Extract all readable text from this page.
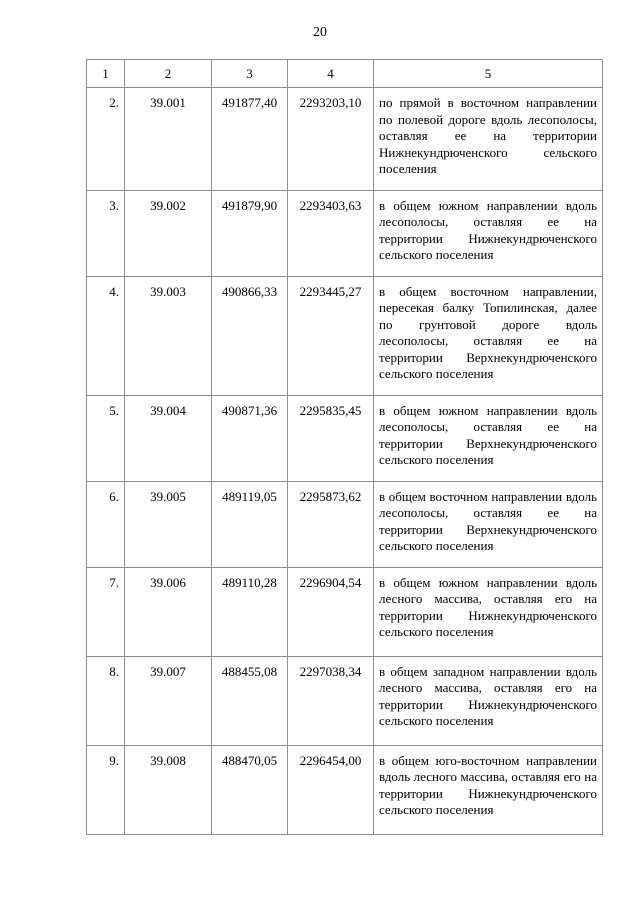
20
1	2	3	4	5
2.	39.001	491877,40	2293203,10	по прямой в восточном направлении по полевой дороге вдоль лесополосы, оставляя ее на территории Нижнекундрюченского сельского поселения
3.	39.002	491879,90	2293403,63	в общем южном направлении вдоль лесополосы, оставляя ее на территории Нижнекундрюченского сельского поселения
4.	39.003	490866,33	2293445,27	в общем восточном направлении, пересекая балку Топилинская, далее по грунтовой дороге вдоль лесополосы, оставляя ее на территории Верхнекундрюченского сельского поселения
5.	39.004	490871,36	2295835,45	в общем южном направлении вдоль лесополосы, оставляя ее на территории Верхнекундрюченского сельского поселения
6.	39.005	489119,05	2295873,62	в общем восточном направлении вдоль лесополосы, оставляя ее на территории Верхнекундрюченского сельского поселения
7.	39.006	489110,28	2296904,54	в общем южном направлении вдоль лесного массива, оставляя его на территории Нижнекундрюченского сельского поселения
8.	39.007	488455,08	2297038,34	в общем западном направлении вдоль лесного массива, оставляя его на территории Нижнекундрюченского сельского поселения
9.	39.008	488470,05	2296454,00	в общем юго-восточном направлении вдоль лесного массива, оставляя его на территории Нижнекундрюченского сельского поселения
